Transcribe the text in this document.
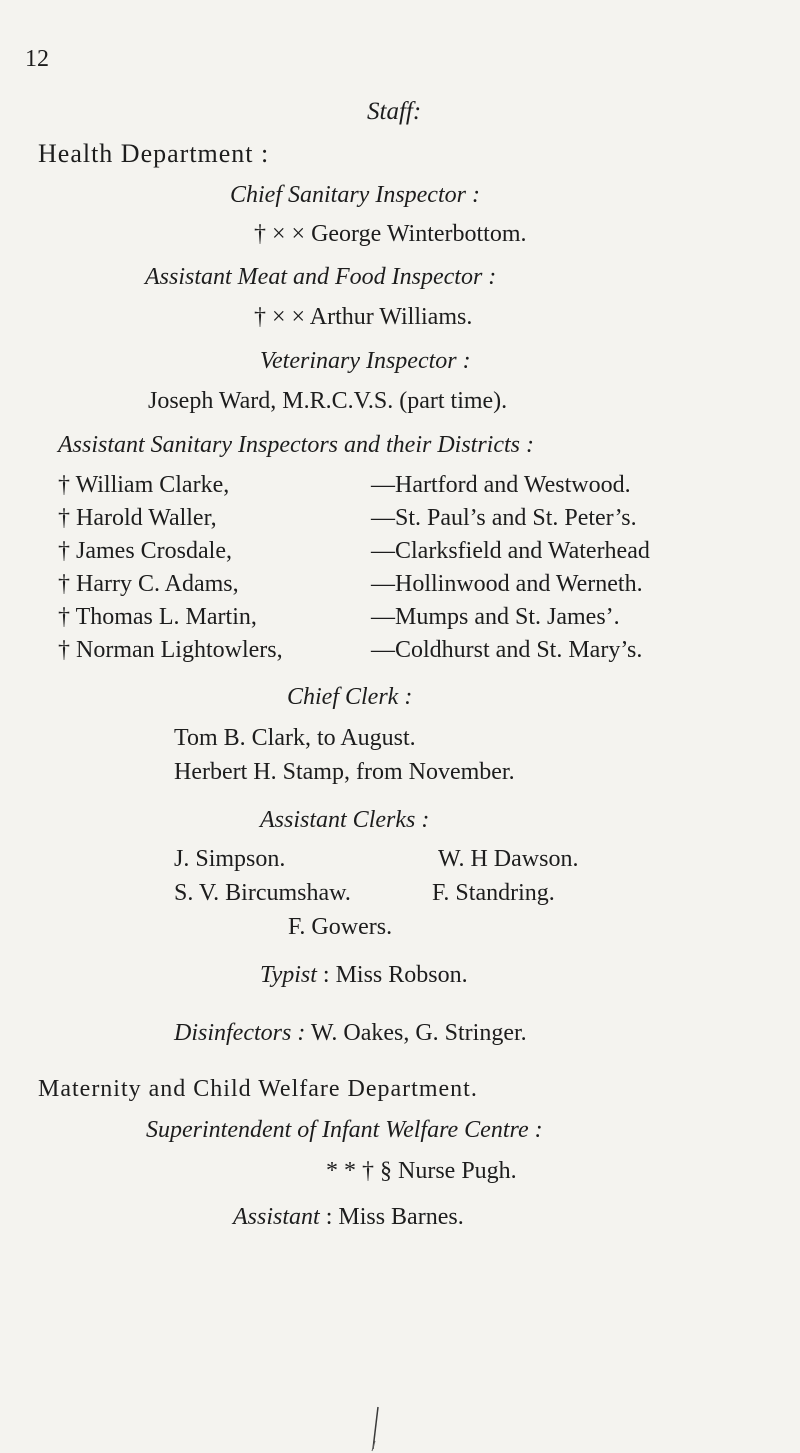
12
Staff:
Health Department :
Chief Sanitary Inspector :
† × × George Winterbottom.
Assistant Meat and Food Inspector :
† × × Arthur Williams.
Veterinary Inspector :
Joseph Ward, M.R.C.V.S. (part time).
Assistant Sanitary Inspectors and their Districts :
† William Clarke,	—Hartford and Westwood.
† Harold Waller,	—St. Paul’s and St. Peter’s.
† James Crosdale,	—Clarksfield and Waterhead
† Harry C. Adams,	—Hollinwood and Werneth.
† Thomas L. Martin,	—Mumps and St. James’.
† Norman Lightowlers,	—Coldhurst and St. Mary’s.
Chief Clerk :
Tom B. Clark, to August.
Herbert H. Stamp, from November.
Assistant Clerks :
J. Simpson.	W. H Dawson.
S. V. Bircumshaw.	F. Standring.
F. Gowers.
Typist : Miss Robson.
Disinfectors : W. Oakes, G. Stringer.
Maternity and Child Welfare Department.
Superintendent of Infant Welfare Centre :
* * † § Nurse Pugh.
Assistant : Miss Barnes.
